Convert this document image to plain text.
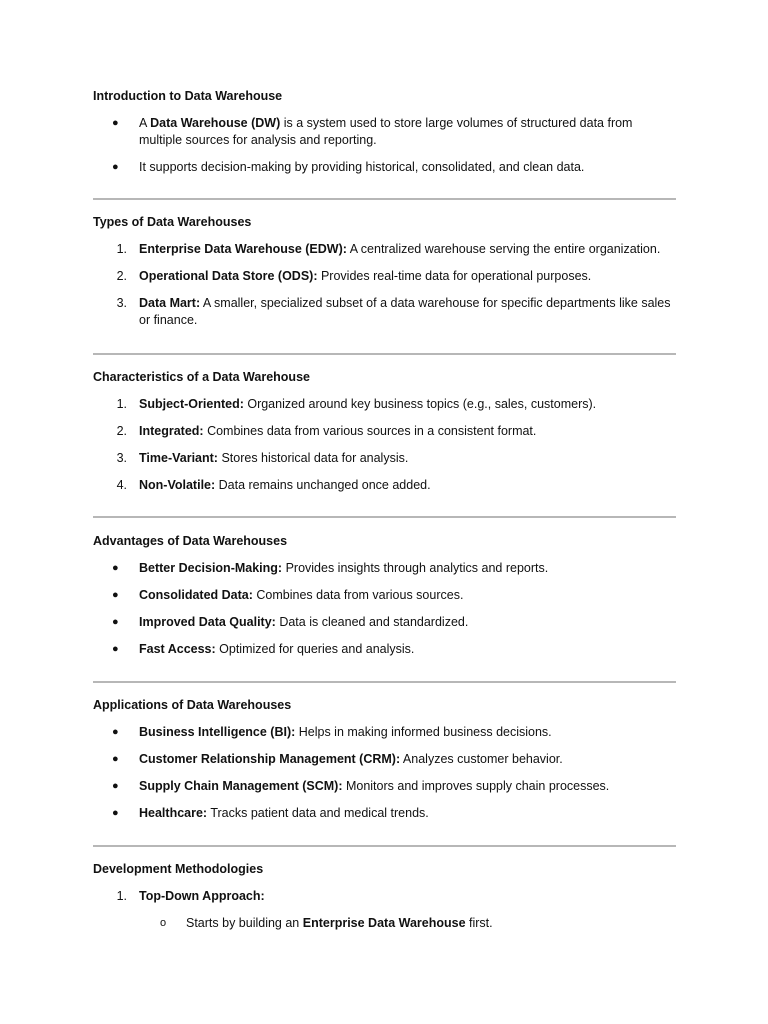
Introduction to Data Warehouse
● A Data Warehouse (DW) is a system used to store large volumes of structured data from multiple sources for analysis and reporting.
● It supports decision-making by providing historical, consolidated, and clean data.
Types of Data Warehouses
1. Enterprise Data Warehouse (EDW): A centralized warehouse serving the entire organization.
2. Operational Data Store (ODS): Provides real-time data for operational purposes.
3. Data Mart: A smaller, specialized subset of a data warehouse for specific departments like sales or finance.
Characteristics of a Data Warehouse
1. Subject-Oriented: Organized around key business topics (e.g., sales, customers).
2. Integrated: Combines data from various sources in a consistent format.
3. Time-Variant: Stores historical data for analysis.
4. Non-Volatile: Data remains unchanged once added.
Advantages of Data Warehouses
● Better Decision-Making: Provides insights through analytics and reports.
● Consolidated Data: Combines data from various sources.
● Improved Data Quality: Data is cleaned and standardized.
● Fast Access: Optimized for queries and analysis.
Applications of Data Warehouses
● Business Intelligence (BI): Helps in making informed business decisions.
● Customer Relationship Management (CRM): Analyzes customer behavior.
● Supply Chain Management (SCM): Monitors and improves supply chain processes.
● Healthcare: Tracks patient data and medical trends.
Development Methodologies
1. Top-Down Approach:
o Starts by building an Enterprise Data Warehouse first.
